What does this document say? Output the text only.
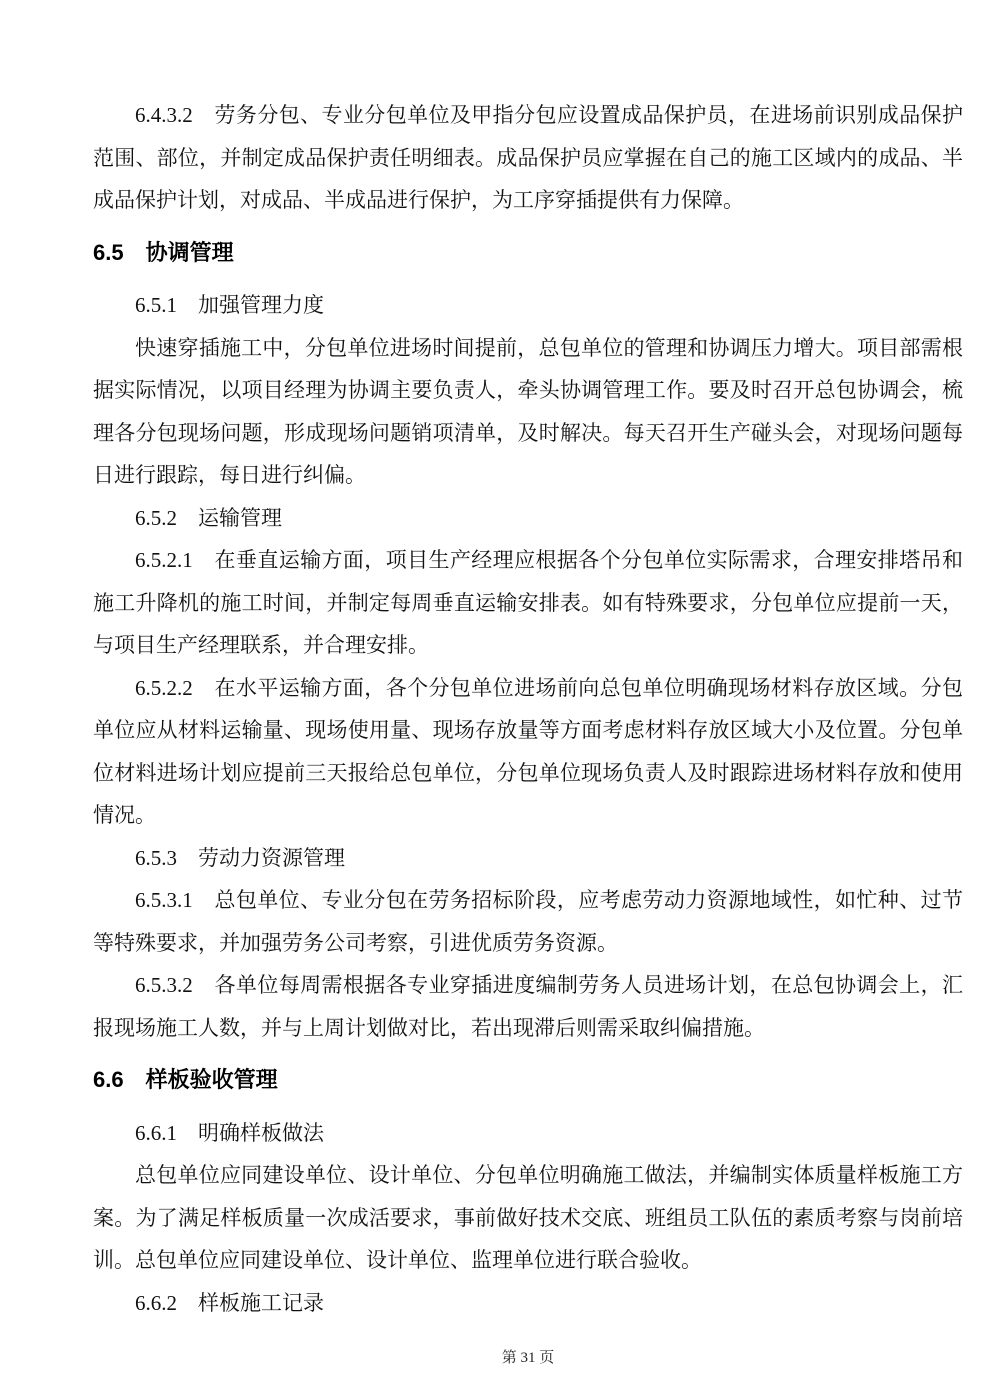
6.4.3.2　劳务分包、专业分包单位及甲指分包应设置成品保护员，在进场前识别成品保护范围、部位，并制定成品保护责任明细表。成品保护员应掌握在自己的施工区域内的成品、半成品保护计划，对成品、半成品进行保护，为工序穿插提供有力保障。

6.5　协调管理

6.5.1　加强管理力度

快速穿插施工中，分包单位进场时间提前，总包单位的管理和协调压力增大。项目部需根据实际情况，以项目经理为协调主要负责人，牵头协调管理工作。要及时召开总包协调会，梳理各分包现场问题，形成现场问题销项清单，及时解决。每天召开生产碰头会，对现场问题每日进行跟踪，每日进行纠偏。

6.5.2　运输管理

6.5.2.1　在垂直运输方面，项目生产经理应根据各个分包单位实际需求，合理安排塔吊和施工升降机的施工时间，并制定每周垂直运输安排表。如有特殊要求，分包单位应提前一天，与项目生产经理联系，并合理安排。

6.5.2.2　在水平运输方面，各个分包单位进场前向总包单位明确现场材料存放区域。分包单位应从材料运输量、现场使用量、现场存放量等方面考虑材料存放区域大小及位置。分包单位材料进场计划应提前三天报给总包单位，分包单位现场负责人及时跟踪进场材料存放和使用情况。

6.5.3　劳动力资源管理

6.5.3.1　总包单位、专业分包在劳务招标阶段，应考虑劳动力资源地域性，如忙种、过节等特殊要求，并加强劳务公司考察，引进优质劳务资源。

6.5.3.2　各单位每周需根据各专业穿插进度编制劳务人员进场计划，在总包协调会上，汇报现场施工人数，并与上周计划做对比，若出现滞后则需采取纠偏措施。

6.6　样板验收管理

6.6.1　明确样板做法

总包单位应同建设单位、设计单位、分包单位明确施工做法，并编制实体质量样板施工方案。为了满足样板质量一次成活要求，事前做好技术交底、班组员工队伍的素质考察与岗前培训。总包单位应同建设单位、设计单位、监理单位进行联合验收。

6.6.2　样板施工记录

第 31 页
